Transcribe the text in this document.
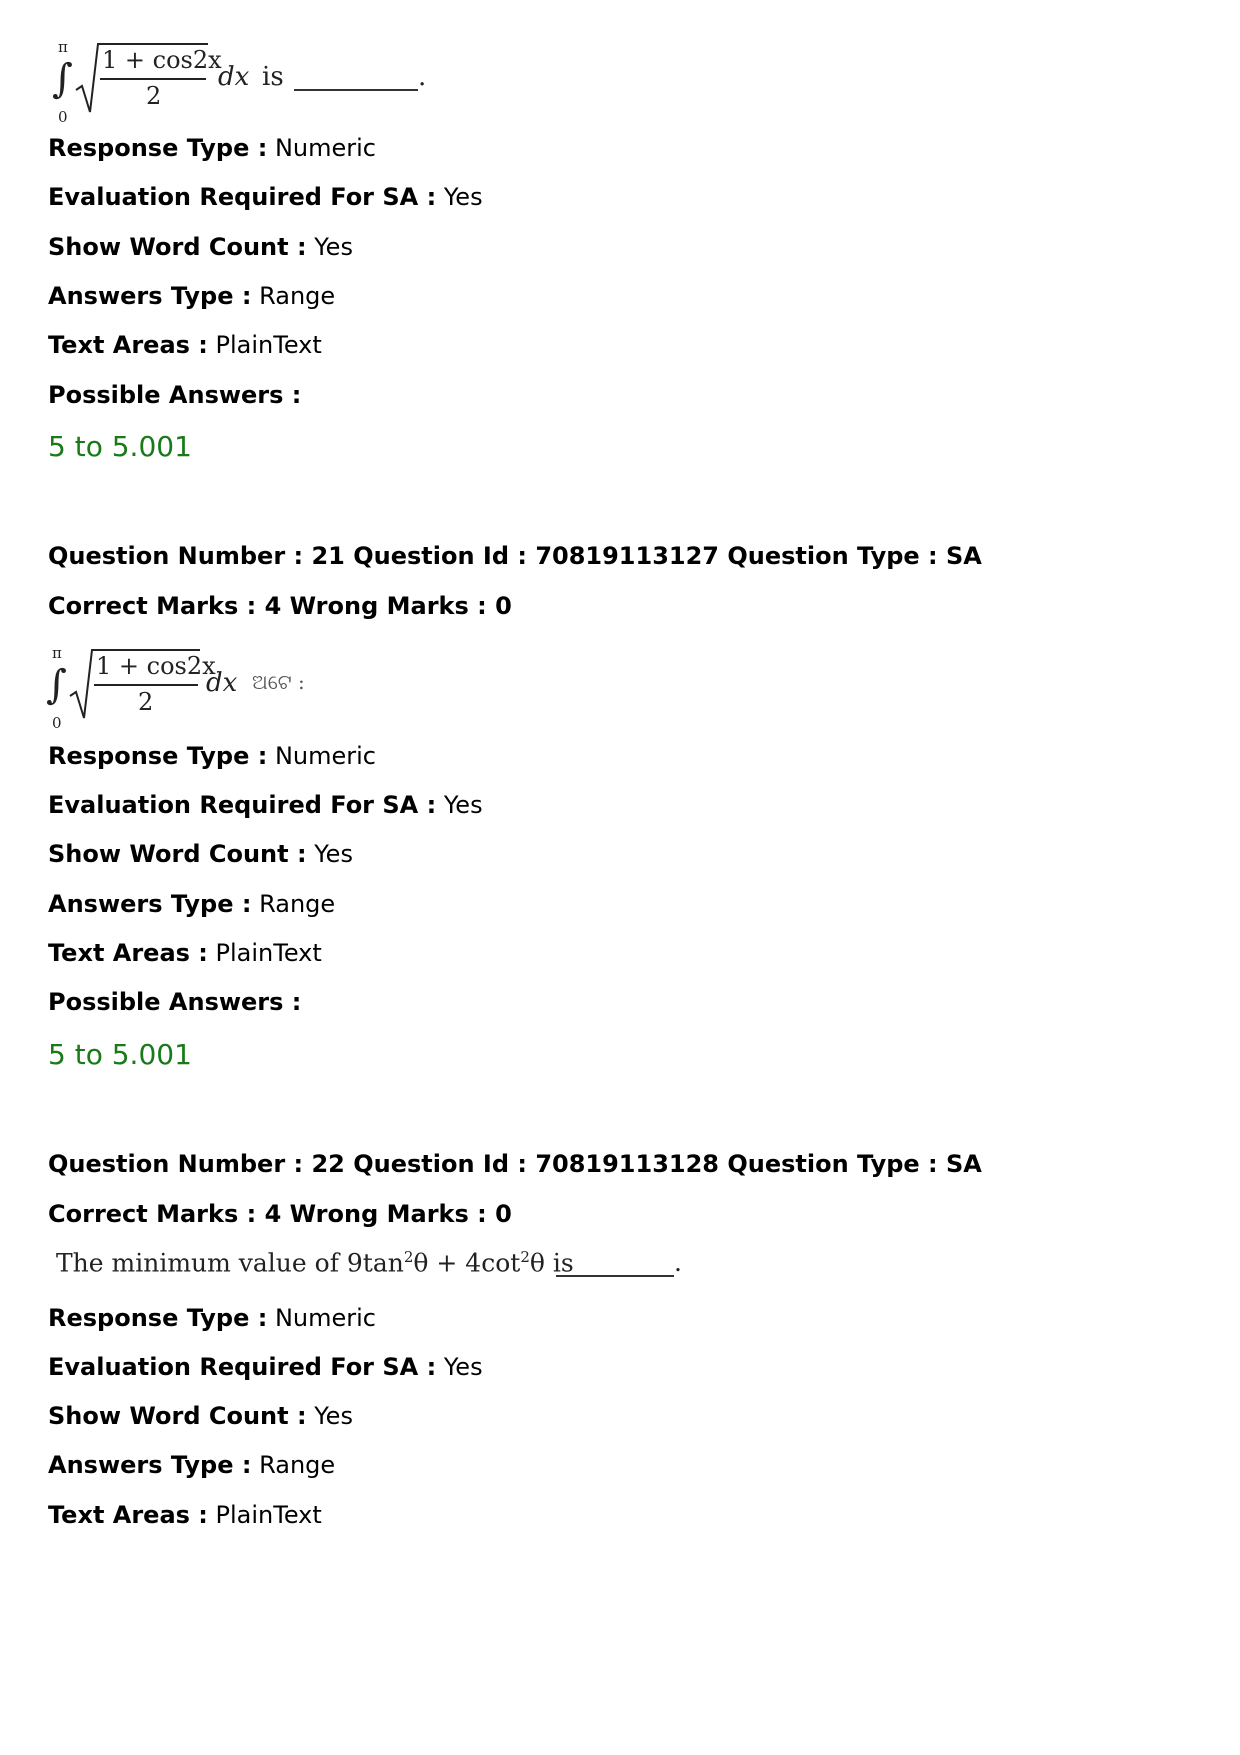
π
∫
0
1 + cos2x
2
dx is	.
Response Type : Numeric
Evaluation Required For SA : Yes
Show Word Count : Yes
Answers Type : Range
Text Areas : PlainText
Possible Answers :
5 to 5.001
Question Number : 21 Question Id : 70819113127 Question Type : SA
Correct Marks : 4 Wrong Marks : 0
π
∫
0
1 + cos2x
2
dx ଅଟେ :
Response Type : Numeric
Evaluation Required For SA : Yes
Show Word Count : Yes
Answers Type : Range
Text Areas : PlainText
Possible Answers :
5 to 5.001
Question Number : 22 Question Id : 70819113128 Question Type : SA
Correct Marks : 4 Wrong Marks : 0
The minimum value of $9\tan^2\theta + 4\cot^2\theta$ is	.
Response Type : Numeric
Evaluation Required For SA : Yes
Show Word Count : Yes
Answers Type : Range
Text Areas : PlainText
